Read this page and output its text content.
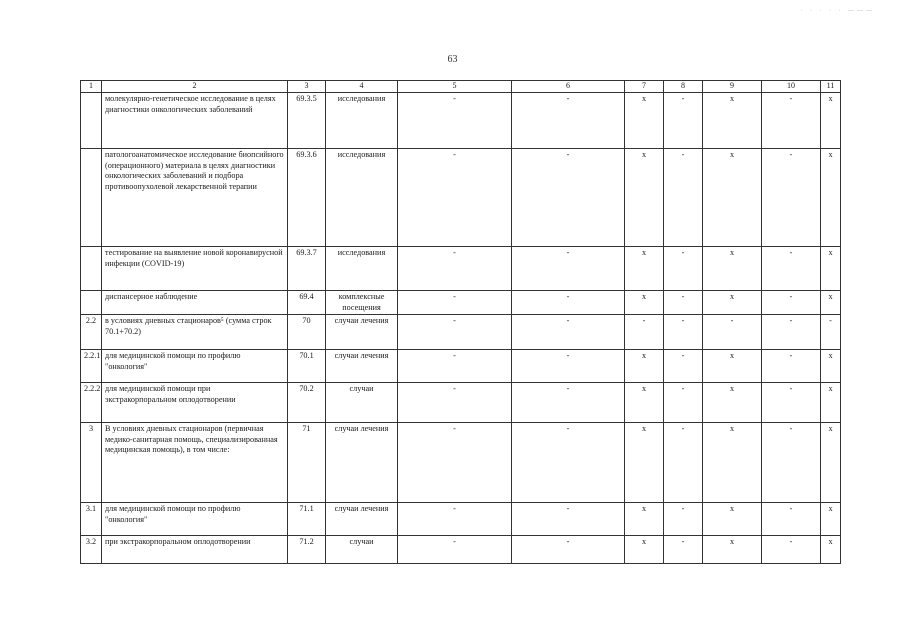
· · · · · ———
63
1	2	3	4	5	6	7	8	9	10	11
	молекулярно-генетическое исследование в целях диагностики онкологических заболеваний	69.3.5	исследования	-	-	х	-	х	-	х
	патологоанатомическое исследование биопсийного (операционного) материала в целях диагностики онкологических заболеваний и подбора противоопухолевой лекарственной терапии	69.3.6	исследования	-	-	х	-	х	-	х
	тестирование на выявление новой коронавирусной инфекции (COVID-19)	69.3.7	исследования	-	-	х	-	х	-	х
	диспансерное наблюдение	69.4	комплексные посещения	-	-	х	-	х	-	х
2.2	в условиях дневных стационаров⁵ (сумма строк 70.1+70.2)	70	случаи лечения	-	-	-	-	-	-	-
2.2.1	для медицинской помощи по профилю "онкология"	70.1	случаи лечения	-	-	х	-	х	-	х
2.2.2	для медицинской помощи при экстракорпоральном оплодотворении	70.2	случаи	-	-	х	-	х	-	х
3	В условиях дневных стационаров (первичная медико-санитарная помощь, специализированная медицинская помощь), в том числе:	71	случаи лечения	-	-	х	-	х	-	х
3.1	для медицинской помощи по профилю "онкология"	71.1	случаи лечения	-	-	х	-	х	-	х
3.2	при экстракорпоральном оплодотворении	71.2	случаи	-	-	х	-	х	-	х
